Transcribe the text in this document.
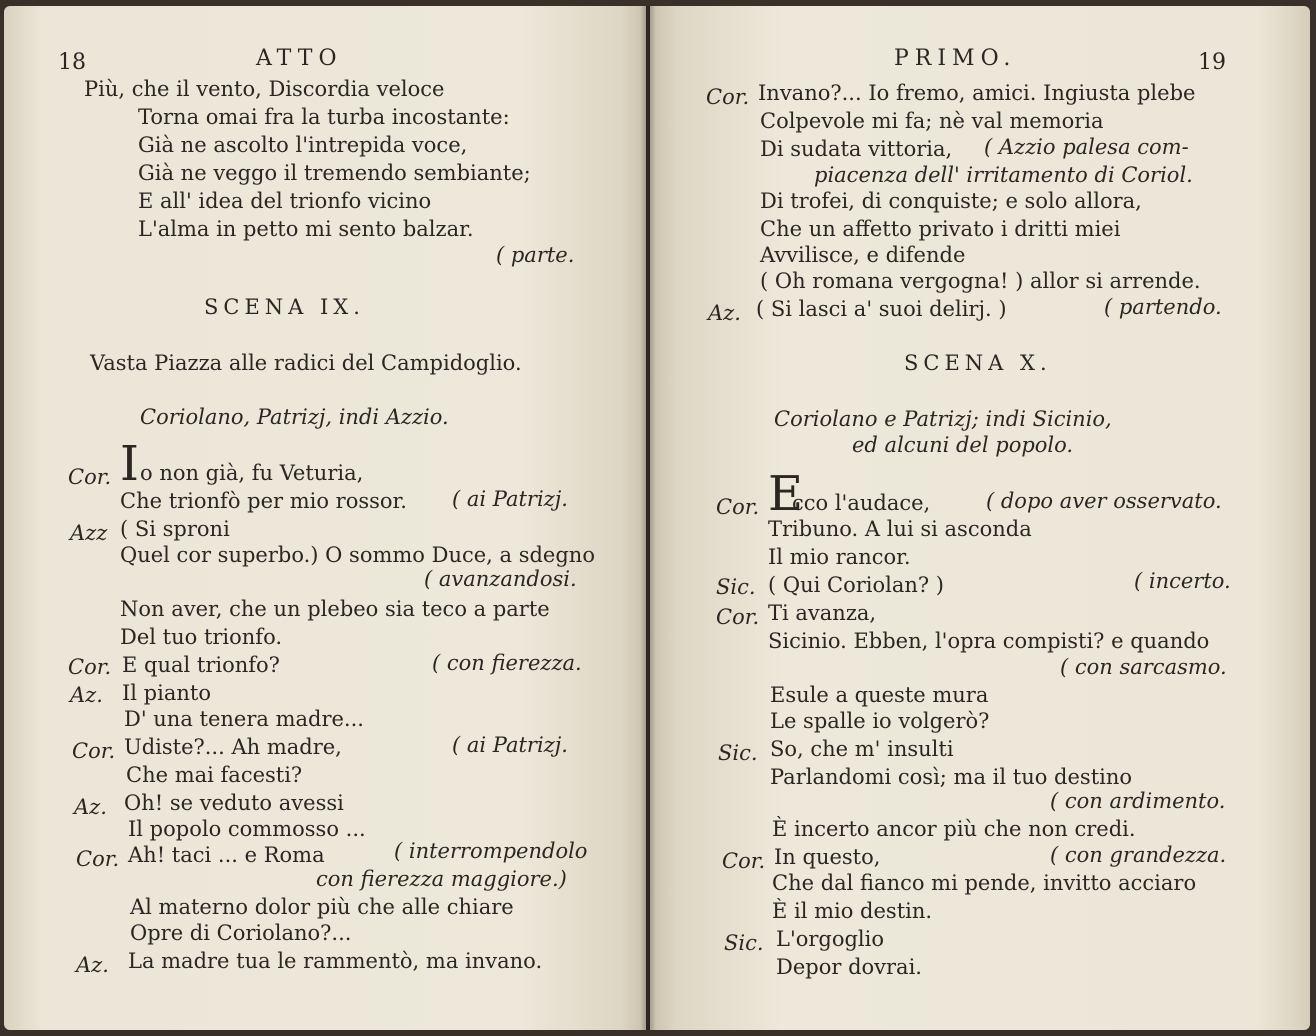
18	ATTO
Più, che il vento, Discordia veloce
Torna omai fra la turba incostante:
Già ne ascolto l'intrepida voce,
Già ne veggo il tremendo sembiante;
E all' idea del trionfo vicino
L'alma in petto mi sento balzar.
( parte.
SCENA IX.
Vasta Piazza alle radici del Campidoglio.
Coriolano, Patrizj, indi Azzio.
Cor. I o non già, fu Veturia,
Che trionfò per mio rossor. ( ai Patrizj.
Azz ( Si sproni
Quel cor superbo.) O sommo Duce, a sdegno
( avanzandosi.
Non aver, che un plebeo sia teco a parte
Del tuo trionfo.
Cor. E qual trionfo?	( con fierezza.
Az. Il pianto
D' una tenera madre...
Cor. Udiste?... Ah madre,	( ai Patrizj.
Che mai facesti?
Az. Oh! se veduto avessi
Il popolo commosso ...
Cor. Ah! taci ... e Roma	( interrompendolo
con fierezza maggiore.)
Al materno dolor più che alle chiare
Opre di Coriolano?...
Az. La madre tua le rammentò, ma invano.
PRIMO.	19
Cor. Invano?... Io fremo, amici. Ingiusta plebe
Colpevole mi fa; nè val memoria
Di sudata vittoria, ( Azzio palesa com-
piacenza dell' irritamento di Coriol.
Di trofei, di conquiste; e solo allora,
Che un affetto privato i dritti miei
Avvilisce, e difende
( Oh romana vergogna! ) allor si arrende.
Az. ( Si lasci a' suoi delirj. )	( partendo.
SCENA X.
Coriolano e Patrizj; indi Sicinio,
ed alcuni del popolo.
Cor. E
cco l'audace,	( dopo aver osservato.
Tribuno. A lui si asconda
Il mio rancor.
Sic. ( Qui Coriolan? )	( incerto.
Cor. Ti avanza,
Sicinio. Ebben, l'opra compisti? e quando
( con sarcasmo.
Esule a queste mura
Le spalle io volgerò?
Sic. So, che m' insulti
Parlandomi così; ma il tuo destino
( con ardimento.
È incerto ancor più che non credi.
Cor. In questo,	( con grandezza.
Che dal fianco mi pende, invitto acciaro
È il mio destin.
Sic. L'orgoglio
Depor dovrai.
